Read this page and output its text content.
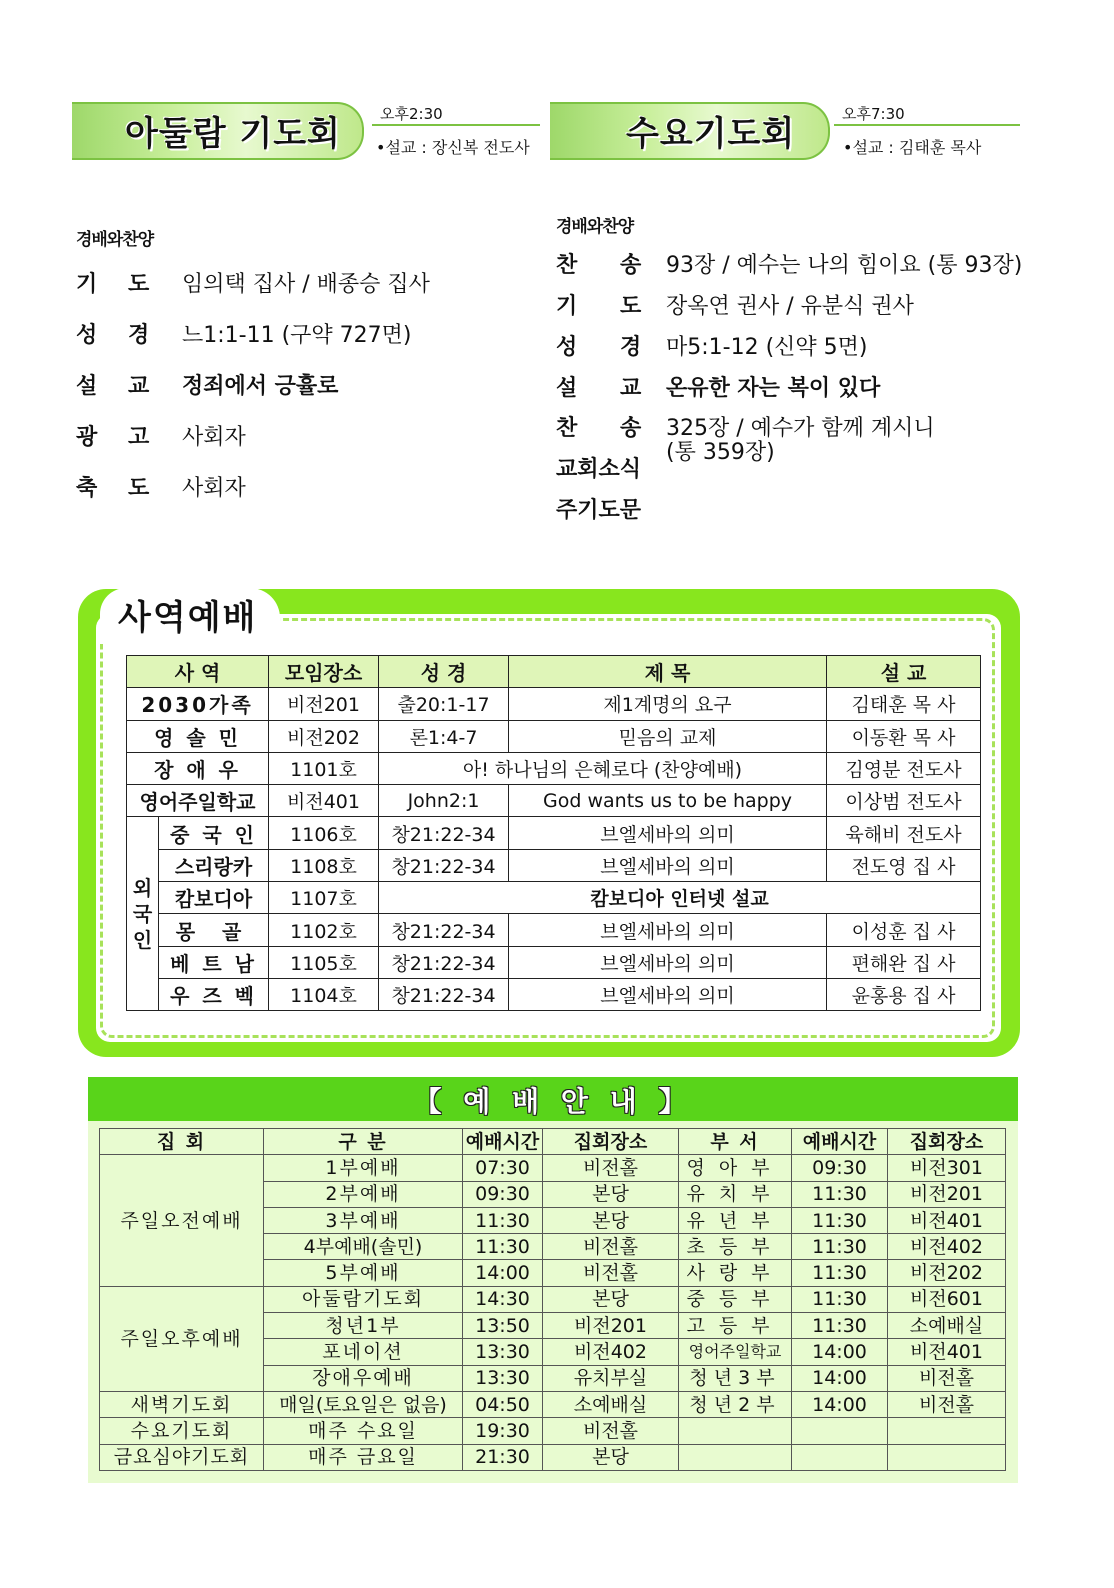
아둘람 기도회	오후2:30
•설교 : 장신복 전도사	수요기도회	오후7:30
•설교 : 김태훈 목사
경배와찬양
기 도 임의택 집사 / 배종승 집사
성 경 느1:1-11 (구약 727면)
설 교 정죄에서 긍휼로
광 고 사회자
축 도 사회자
경배와찬양
찬 송 93장 / 예수는 나의 힘이요 (통 93장)
기 도 장옥연 권사 / 유분식 권사
성 경 마5:1-12 (신약 5면)
설 교 온유한 자는 복이 있다
찬 송 325장 / 예수가 함께 계시니
(통 359장)
교회소식
주기도문
사역예배
사 역		모임장소	성 경	제 목	설 교
2030가족		비전201	출20:1-17	제1계명의 요구	김태훈 목 사
영 솔 민		비전202	론1:4-7	믿음의 교제	이동환 목 사
장 애 우		1101호	아! 하나님의 은혜로다 (찬양예배)		김영분 전도사
영어주일학교		비전401	John2:1	God wants us to be happy	이상범 전도사
외국인	중 국 인	1106호	창21:22-34	브엘세바의 의미	육해비 전도사
	스리랑카	1108호	창21:22-34	브엘세바의 의미	전도영 집 사
	캄보디아	1107호	캄보디아 인터넷 설교		
	몽 골	1102호	창21:22-34	브엘세바의 의미	이성훈 집 사
	베 트 남	1105호	창21:22-34	브엘세바의 의미	편해완 집 사
	우 즈 벡	1104호	창21:22-34	브엘세바의 의미	윤홍용 집 사
【 예 배 안 내 】
집 회	구 분	예배시간	집회장소	부 서	예배시간	집회장소
주일오전예배	1부예배	07:30	비전홀	영아부	09:30	비전301
	2부예배	09:30	본당	유치부	11:30	비전201
	3부예배	11:30	본당	유년부	11:30	비전401
	4부예배(솔민)	11:30	비전홀	초등부	11:30	비전402
	5부예배	14:00	비전홀	사랑부	11:30	비전202
주일오후예배	아둘람기도회	14:30	본당	중등부	11:30	비전601
	청년1부	13:50	비전201	고등부	11:30	소예배실
	포네이션	13:30	비전402	영어주일학교	14:00	비전401
	장애우예배	13:30	유치부실	청년3부	14:00	비전홀
새벽기도회	매일(토요일은 없음)	04:50	소예배실	청년2부	14:00	비전홀
수요기도회	매주 수요일	19:30	비전홀			
금요심야기도회	매주 금요일	21:30	본당			
